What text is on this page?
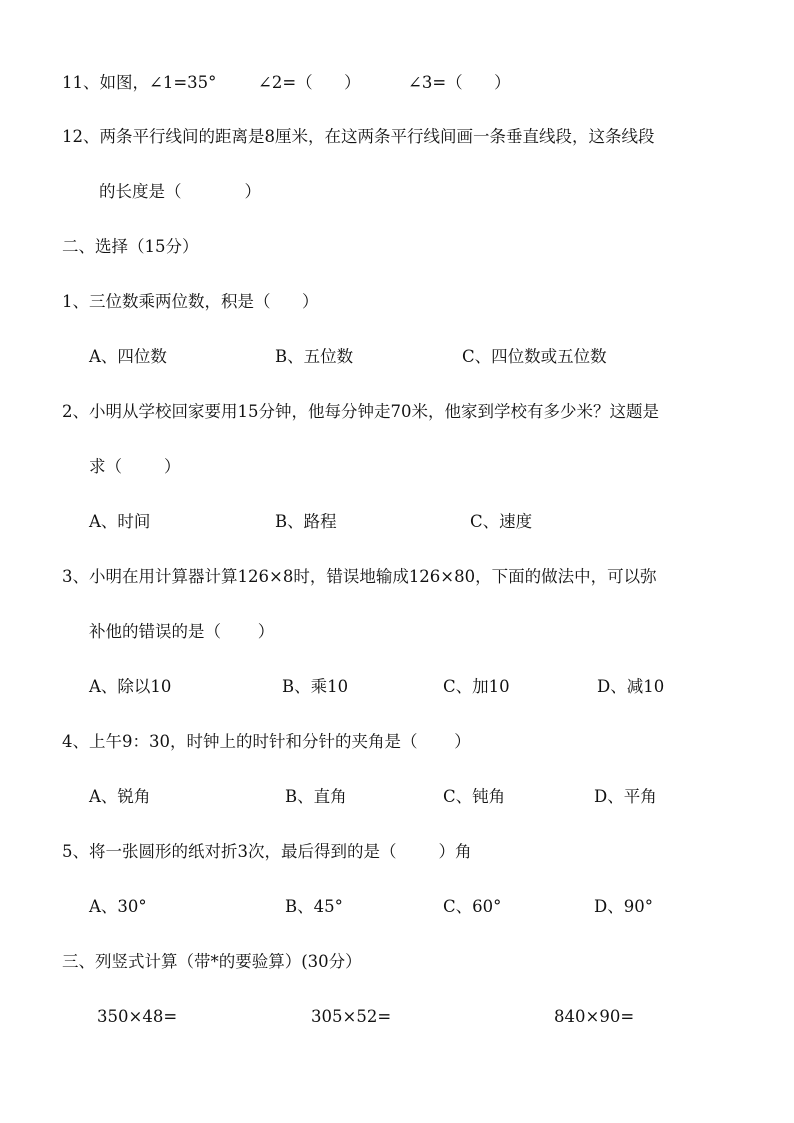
11、如图，∠1=35°	∠2=（      ）	∠3=（      ）
12、两条平行线间的距离是8厘米，在这两条平行线间画一条垂直线段，这条线段
的长度是（            ）
二、选择（15分）
1、三位数乘两位数，积是（      ）
A、四位数	B、五位数	C、四位数或五位数
2、小明从学校回家要用15分钟，他每分钟走70米，他家到学校有多少米？这题是
求（        ）
A、时间	B、路程	C、速度
3、小明在用计算器计算126×8时，错误地输成126×80，下面的做法中，可以弥
补他的错误的是（       ）
A、除以10	B、乘10	C、加10	D、减10
4、上午9：30，时钟上的时针和分针的夹角是（       ）
A、锐角	B、直角	C、钝角	D、平角
5、将一张圆形的纸对折3次，最后得到的是（        ）角
A、30°	B、45°	C、60°	D、90°
三、列竖式计算（带*的要验算）(30分）
350×48=	305×52=	840×90=
